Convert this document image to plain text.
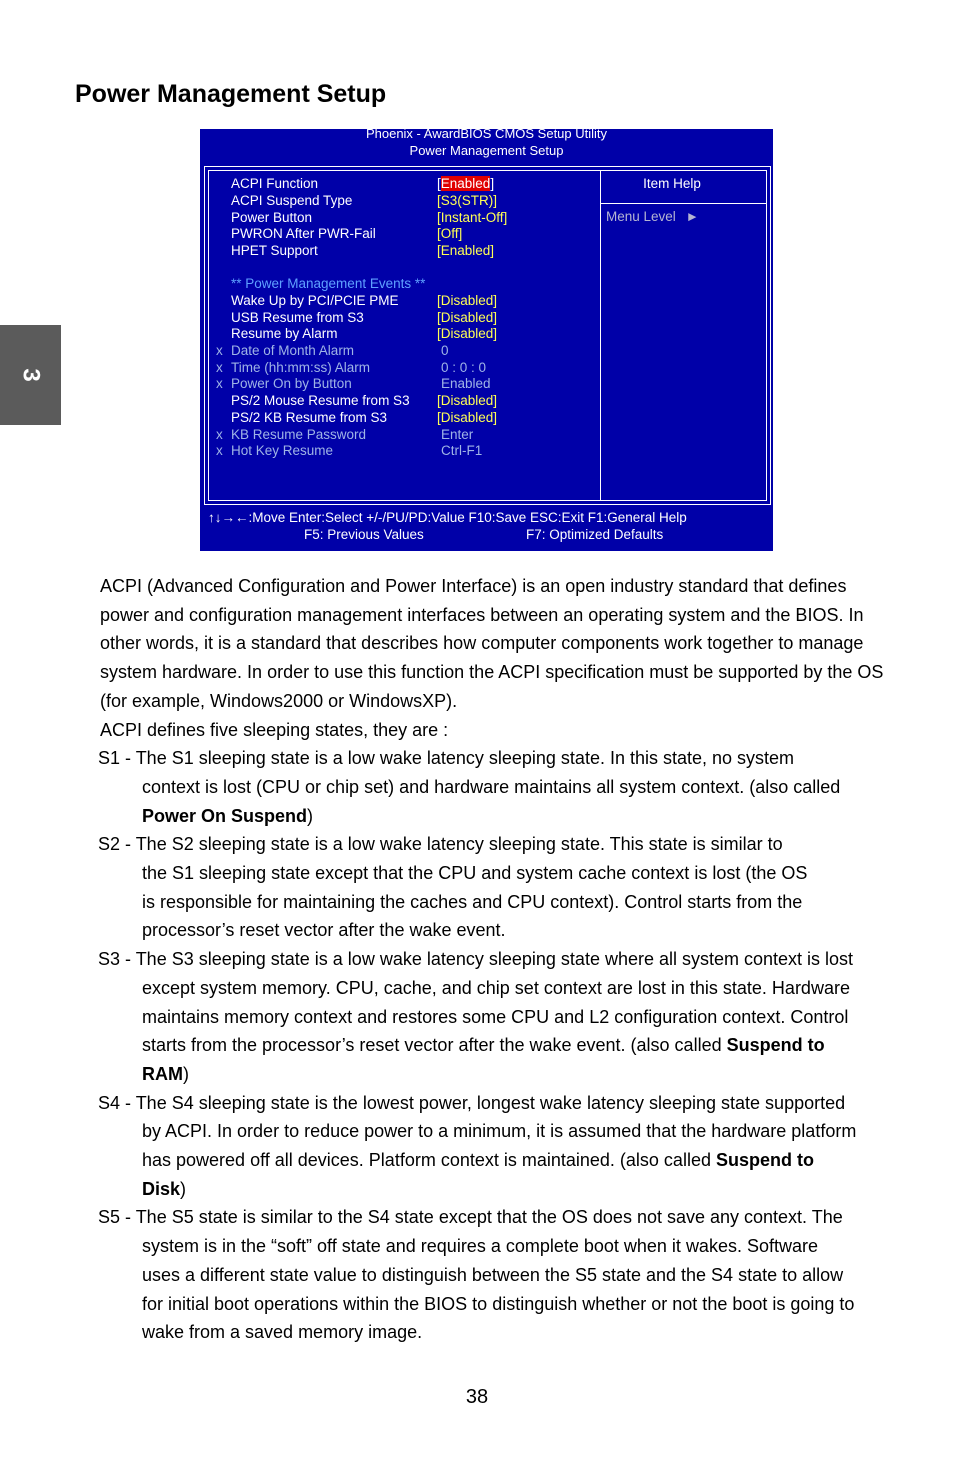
3
Power Management Setup
Phoenix - AwardBIOS CMOS Setup Utility
Power Management Setup
Item Help
Menu Level ►
ACPI Function	[Enabled]
ACPI Suspend Type	[S3(STR)]
Power Button	[Instant-Off]
PWRON After PWR-Fail	[Off]
HPET Support	[Enabled]
** Power Management Events **
Wake Up by PCI/PCIE PME	[Disabled]
USB Resume from S3	[Disabled]
Resume by Alarm	[Disabled]
x Date of Month Alarm	0
x Time (hh:mm:ss) Alarm	0 : 0 : 0
x Power On by Button	Enabled
PS/2 Mouse Resume from S3 [Disabled]
PS/2 KB Resume from S3	[Disabled]
x KB Resume Password	Enter
x Hot Key Resume	Ctrl-F1
↑↓→←:Move Enter:Select +/-/PU/PD:Value F10:Save ESC:Exit F1:General Help
F5: Previous Values	F7: Optimized Defaults

ACPI (Advanced Configuration and Power Interface) is an open industry standard that defines power and configuration management interfaces between an operating system and the BIOS. In other words, it is a standard that describes how computer components work together to manage system hardware. In order to use this function the ACPI specification must be supported by the OS (for example, Windows2000 or WindowsXP).

ACPI defines five sleeping states, they are :

S1 - The S1 sleeping state is a low wake latency sleeping state. In this state, no system
context is lost (CPU or chip set) and hardware maintains all system context. (also called
Power On Suspend)
S2 - The S2 sleeping state is a low wake latency sleeping state. This state is similar to
the S1 sleeping state except that the CPU and system cache context is lost (the OS
is responsible for maintaining the caches and CPU context). Control starts from the
processor’s reset vector after the wake event.
S3 - The S3 sleeping state is a low wake latency sleeping state where all system context is lost
except system memory. CPU, cache, and chip set context are lost in this state. Hardware
maintains memory context and restores some CPU and L2 configuration context. Control
starts from the processor’s reset vector after the wake event. (also called Suspend to
RAM)
S4 - The S4 sleeping state is the lowest power, longest wake latency sleeping state supported
by ACPI. In order to reduce power to a minimum, it is assumed that the hardware platform
has powered off all devices. Platform context is maintained. (also called Suspend to
Disk)
S5 - The S5 state is similar to the S4 state except that the OS does not save any context. The
system is in the “soft” off state and requires a complete boot when it wakes. Software
uses a different state value to distinguish between the S5 state and the S4 state to allow
for initial boot operations within the BIOS to distinguish whether or not the boot is going to
wake from a saved memory image.

38
